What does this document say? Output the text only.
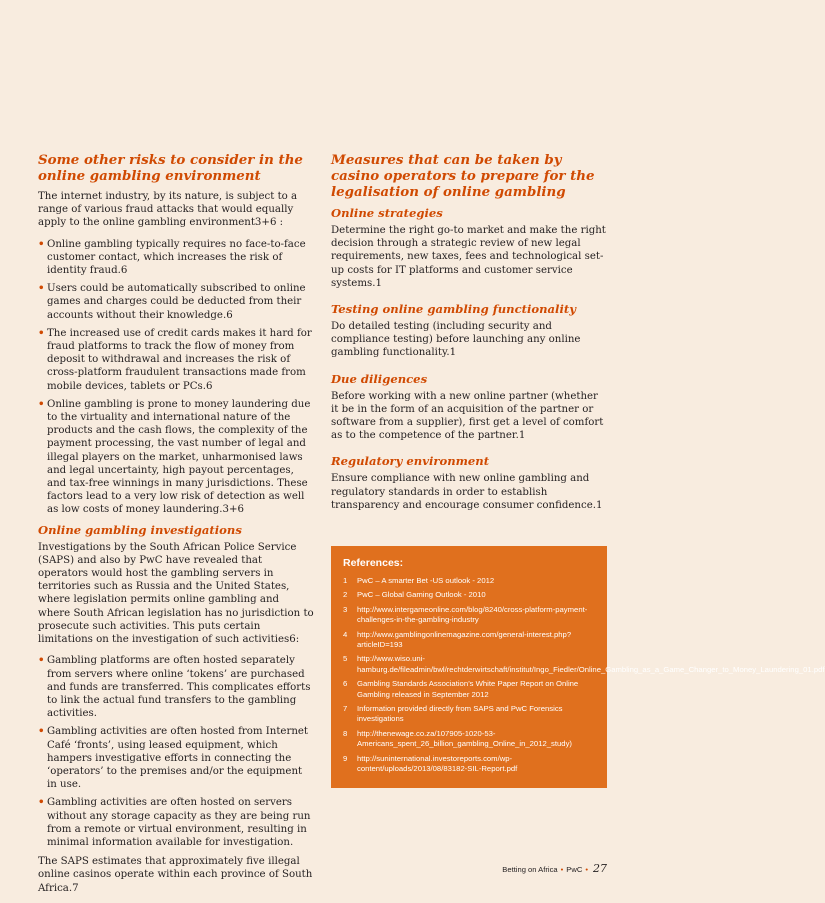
Some other risks to consider in the online gambling environment

The internet industry, by its nature, is subject to a range of various fraud attacks that would equally apply to the online gambling environment3+6 :

• Online gambling typically requires no face-to-face customer contact, which increases the risk of identity fraud.6
• Users could be automatically subscribed to online games and charges could be deducted from their accounts without their knowledge.6
• The increased use of credit cards makes it hard for fraud platforms to track the flow of money from deposit to withdrawal and increases the risk of cross-platform fraudulent transactions made from mobile devices, tablets or PCs.6
• Online gambling is prone to money laundering due to the virtuality and international nature of the products and the cash flows, the complexity of the payment processing, the vast number of legal and illegal players on the market, unharmonised laws and legal uncertainty, high payout percentages, and tax-free winnings in many jurisdictions. These factors lead to a very low risk of detection as well as low costs of money laundering.3+6
Online gambling investigations

Investigations by the South African Police Service (SAPS) and also by PwC have revealed that operators would host the gambling servers in territories such as Russia and the United States, where legislation permits online gambling and where South African legislation has no jurisdiction to prosecute such activities. This puts certain limitations on the investigation of such activities6:

• Gambling platforms are often hosted separately from servers where online ‘tokens’ are purchased and funds are transferred. This complicates efforts to link the actual fund transfers to the gambling activities.
• Gambling activities are often hosted from Internet Café ‘fronts’, using leased equipment, which hampers investigative efforts in connecting the ‘operators’ to the premises and/or the equipment in use.
• Gambling activities are often hosted on servers without any storage capacity as they are being run from a remote or virtual environment, resulting in minimal information available for investigation.

The SAPS estimates that approximately five illegal online casinos operate within each province of South Africa.7

Measures that can be taken by casino operators to prepare for the legalisation of online gambling
Online strategies

Determine the right go-to market and make the right decision through a strategic review of new legal requirements, new taxes, fees and technological set-up costs for IT platforms and customer service systems.1

Testing online gambling functionality

Do detailed testing (including security and compliance testing) before launching any online gambling functionality.1

Due diligences

Before working with a new online partner (whether it be in the form of an acquisition of the partner or software from a supplier), first get a level of comfort as to the competence of the partner.1

Regulatory environment

Ensure compliance with new online gambling and regulatory standards in order to establish transparency and encourage consumer confidence.1

References:
1 PwC – A smarter Bet -US outlook - 2012
2 PwC – Global Gaming Outlook - 2010
3 http://www.intergameonline.com/blog/8240/cross-platform-payment-challenges-in-the-gambling-industry
4 http://www.gamblingonlinemagazine.com/general-interest.php?articleID=193
5 http://www.wiso.uni-hamburg.de/fileadmin/bwl/rechtderwirtschaft/institut/Ingo_Fiedler/Online_Gambling_as_a_Game_Changer_to_Money_Laundering_01.pdf
6 Gambling Standards Association’s White Paper Report on Online Gambling released in September 2012
7 Information provided directly from SAPS and PwC Forensics investigations
8 http://thenewage.co.za/107905-1020-53-Americans_spent_26_billion_gambling_Online_in_2012_study)
9 http://suninternational.investoreports.com/wp-content/uploads/2013/08/83182-SIL-Report.pdf
Betting on Africa • PwC • 27
